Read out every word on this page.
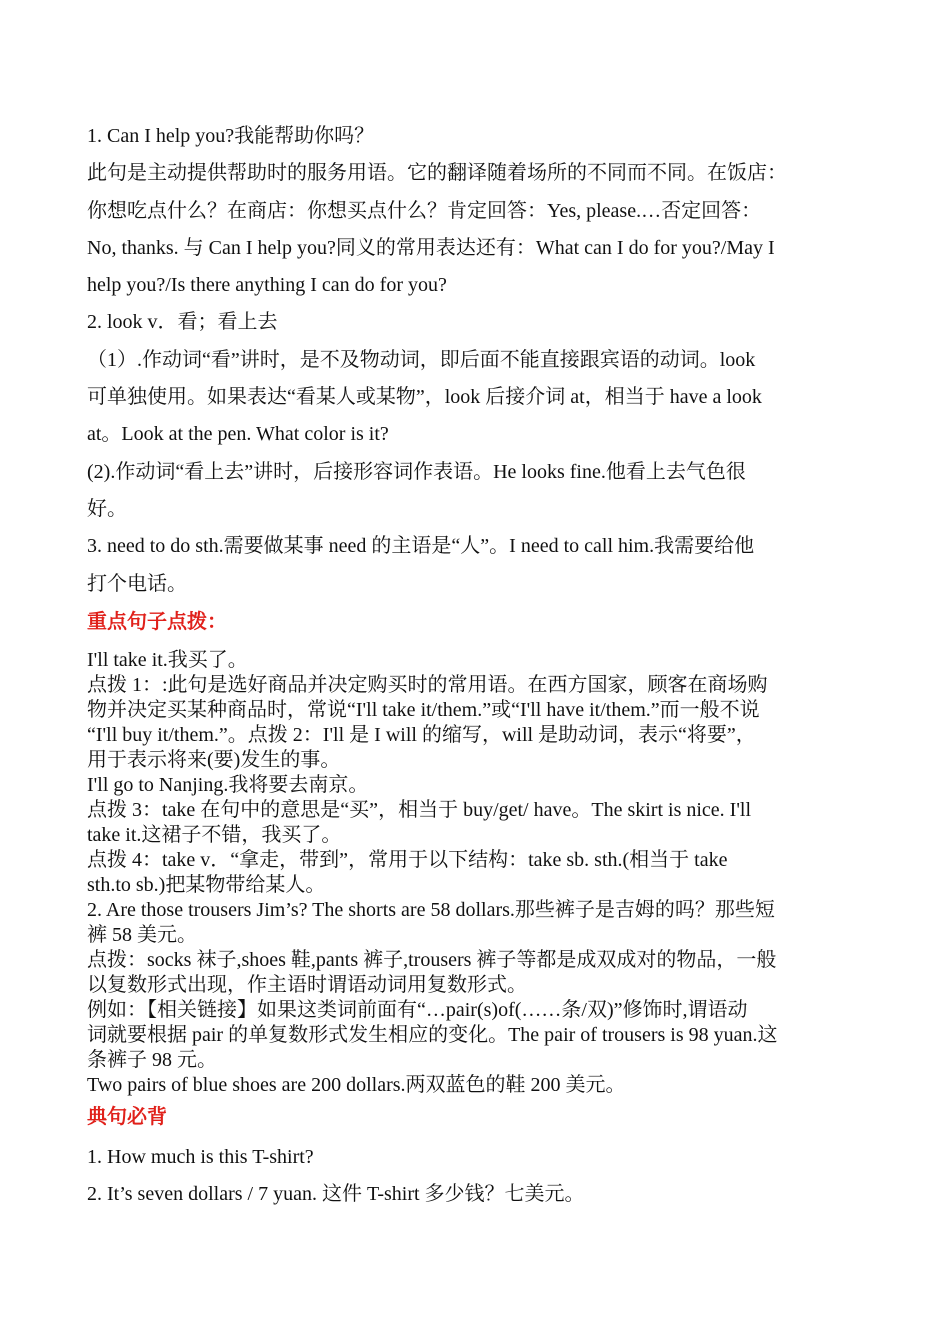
1. Can I help you?我能帮助你吗？

此句是主动提供帮助时的服务用语。它的翻译随着场所的不同而不同。在饭店：

你想吃点什么？在商店：你想买点什么？肯定回答：Yes, please.…否定回答：

No, thanks. 与 Can I help you?同义的常用表达还有：What can I do for you?/May I

help you?/Is there anything I can do for you?

2. look v．看；看上去

（1）.作动词“看”讲时，是不及物动词，即后面不能直接跟宾语的动词。look

可单独使用。如果表达“看某人或某物”，look 后接介词 at，相当于 have a look

at。Look at the pen. What color is it?

(2).作动词“看上去”讲时，后接形容词作表语。He looks fine.他看上去气色很

好。

3. need to do sth.需要做某事 need 的主语是“人”。I need to call him.我需要给他

打个电话。

重点句子点拨：

I'll take it.我买了。

点拨 1：:此句是选好商品并决定购买时的常用语。在西方国家，顾客在商场购

物并决定买某种商品时，常说“I'll take it/them.”或“I'll have it/them.”而一般不说

“I'll buy it/them.”。点拨 2：I'll 是 I will 的缩写，will 是助动词，表示“将要”，

用于表示将来(要)发生的事。

I'll go to Nanjing.我将要去南京。

点拨 3：take 在句中的意思是“买”，相当于 buy/get/ have。The skirt is nice. I'll

take it.这裙子不错，我买了。

点拨 4：take v．“拿走，带到”，常用于以下结构：take sb. sth.(相当于 take

sth.to sb.)把某物带给某人。

2. Are those trousers Jim’s? The shorts are 58 dollars.那些裤子是吉姆的吗？那些短

裤 58 美元。

点拨：socks 袜子,shoes 鞋,pants 裤子,trousers 裤子等都是成双成对的物品，一般

以复数形式出现，作主语时谓语动词用复数形式。

例如：【相关链接】如果这类词前面有“…pair(s)of(……条/双)”修饰时,谓语动

词就要根据 pair 的单复数形式发生相应的变化。The pair of trousers is 98 yuan.这

条裤子 98 元。

Two pairs of blue shoes are 200 dollars.两双蓝色的鞋 200 美元。

典句必背

1. How much is this T-shirt?

2. It’s seven dollars / 7 yuan. 这件 T-shirt 多少钱？七美元。
